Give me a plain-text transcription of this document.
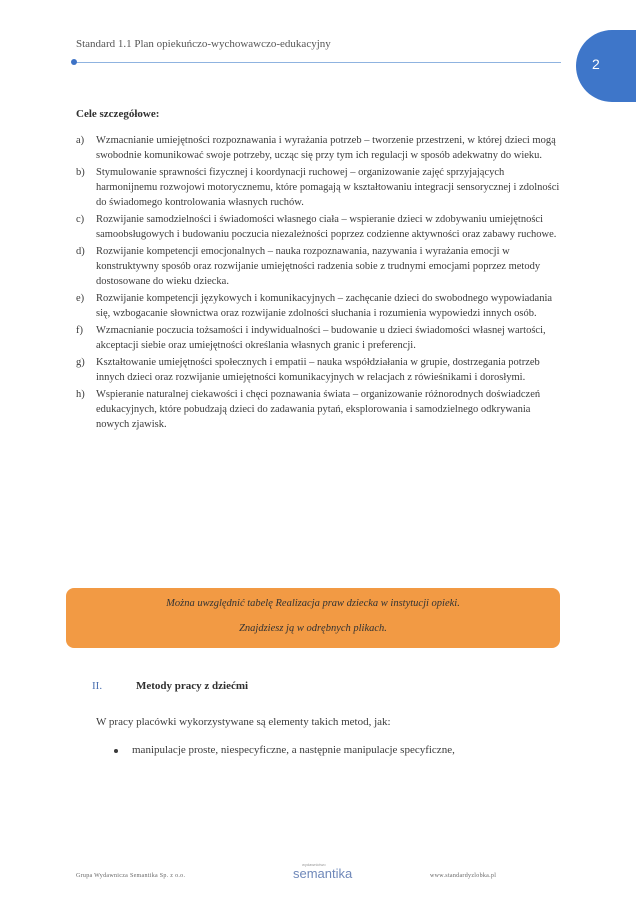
Standard 1.1 Plan opiekuńczo-wychowawczo-edukacyjny
2
Cele szczegółowe:
a) Wzmacnianie umiejętności rozpoznawania i wyrażania potrzeb – tworzenie przestrzeni, w której dzieci mogą swobodnie komunikować swoje potrzeby, ucząc się przy tym ich regulacji w sposób adekwatny do wieku.
b) Stymulowanie sprawności fizycznej i koordynacji ruchowej – organizowanie zajęć sprzyjających harmonijnemu rozwojowi motorycznemu, które pomagają w kształtowaniu integracji sensorycznej i zdolności do świadomego kontrolowania własnych ruchów.
c) Rozwijanie samodzielności i świadomości własnego ciała – wspieranie dzieci w zdobywaniu umiejętności samoobsługowych i budowaniu poczucia niezależności poprzez codzienne aktywności oraz zabawy ruchowe.
d) Rozwijanie kompetencji emocjonalnych – nauka rozpoznawania, nazywania i wyrażania emocji w konstruktywny sposób oraz rozwijanie umiejętności radzenia sobie z trudnymi emocjami poprzez metody dostosowane do wieku dziecka.
e) Rozwijanie kompetencji językowych i komunikacyjnych – zachęcanie dzieci do swobodnego wypowiadania się, wzbogacanie słownictwa oraz rozwijanie zdolności słuchania i rozumienia wypowiedzi innych osób.
f) Wzmacnianie poczucia tożsamości i indywidualności – budowanie u dzieci świadomości własnej wartości, akceptacji siebie oraz umiejętności określania własnych granic i preferencji.
g) Kształtowanie umiejętności społecznych i empatii – nauka współdziałania w grupie, dostrzegania potrzeb innych dzieci oraz rozwijanie umiejętności komunikacyjnych w relacjach z rówieśnikami i dorosłymi.
h) Wspieranie naturalnej ciekawości i chęci poznawania świata – organizowanie różnorodnych doświadczeń edukacyjnych, które pobudzają dzieci do zadawania pytań, eksplorowania i samodzielnego odkrywania nowych zjawisk.

Można uwzględnić tabelę Realizacja praw dziecka w instytucji opieki.

Znajdziesz ją w odrębnych plikach.

II.	Metody pracy z dziećmi
W pracy placówki wykorzystywane są elementy takich metod, jak:
manipulacje proste, niespecyficzne, a następnie manipulacje specyficzne,
Grupa Wydawnicza Semantika Sp. z o.o.
wydawnictwo
semantika	www.standardyzlobka.pl
